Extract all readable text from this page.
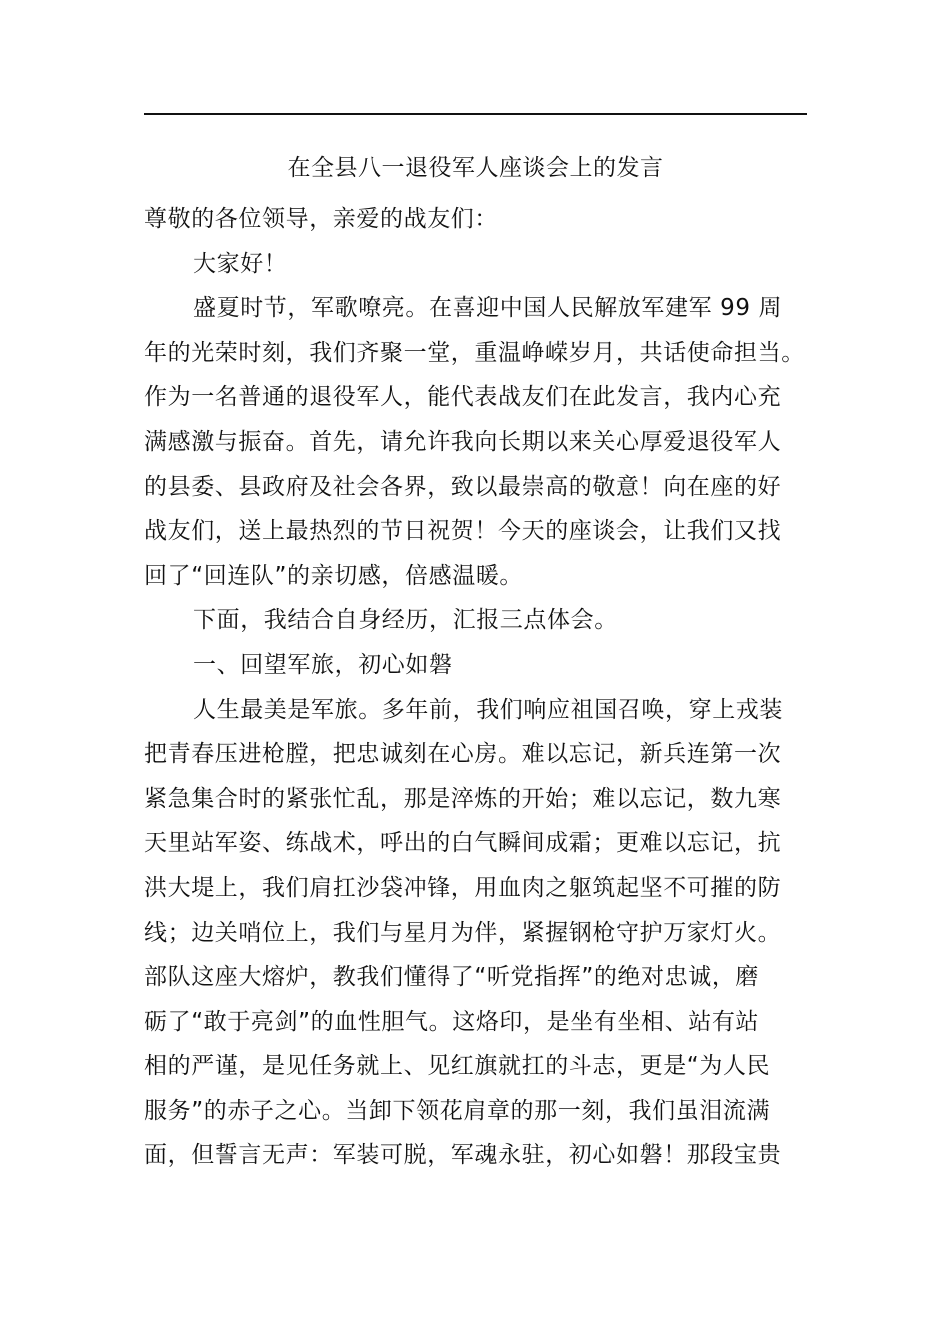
在全县八一退役军人座谈会上的发言
尊敬的各位领导，亲爱的战友们：
大家好！
盛夏时节，军歌嘹亮。在喜迎中国人民解放军建军 99 周
年的光荣时刻，我们齐聚一堂，重温峥嵘岁月，共话使命担当。
作为一名普通的退役军人，能代表战友们在此发言，我内心充
满感激与振奋。首先，请允许我向长期以来关心厚爱退役军人
的县委、县政府及社会各界，致以最崇高的敬意！向在座的好
战友们，送上最热烈的节日祝贺！今天的座谈会，让我们又找
回了“回连队”的亲切感，倍感温暖。
下面，我结合自身经历，汇报三点体会。
一、回望军旅，初心如磐
人生最美是军旅。多年前，我们响应祖国召唤，穿上戎装
把青春压进枪膛，把忠诚刻在心房。难以忘记，新兵连第一次
紧急集合时的紧张忙乱，那是淬炼的开始；难以忘记，数九寒
天里站军姿、练战术，呼出的白气瞬间成霜；更难以忘记，抗
洪大堤上，我们肩扛沙袋冲锋，用血肉之躯筑起坚不可摧的防
线；边关哨位上，我们与星月为伴，紧握钢枪守护万家灯火。
部队这座大熔炉，教我们懂得了“听党指挥”的绝对忠诚，磨
砺了“敢于亮剑”的血性胆气。这烙印，是坐有坐相、站有站
相的严谨，是见任务就上、见红旗就扛的斗志，更是“为人民
服务”的赤子之心。当卸下领花肩章的那一刻，我们虽泪流满
面，但誓言无声：军装可脱，军魂永驻，初心如磐！那段宝贵
